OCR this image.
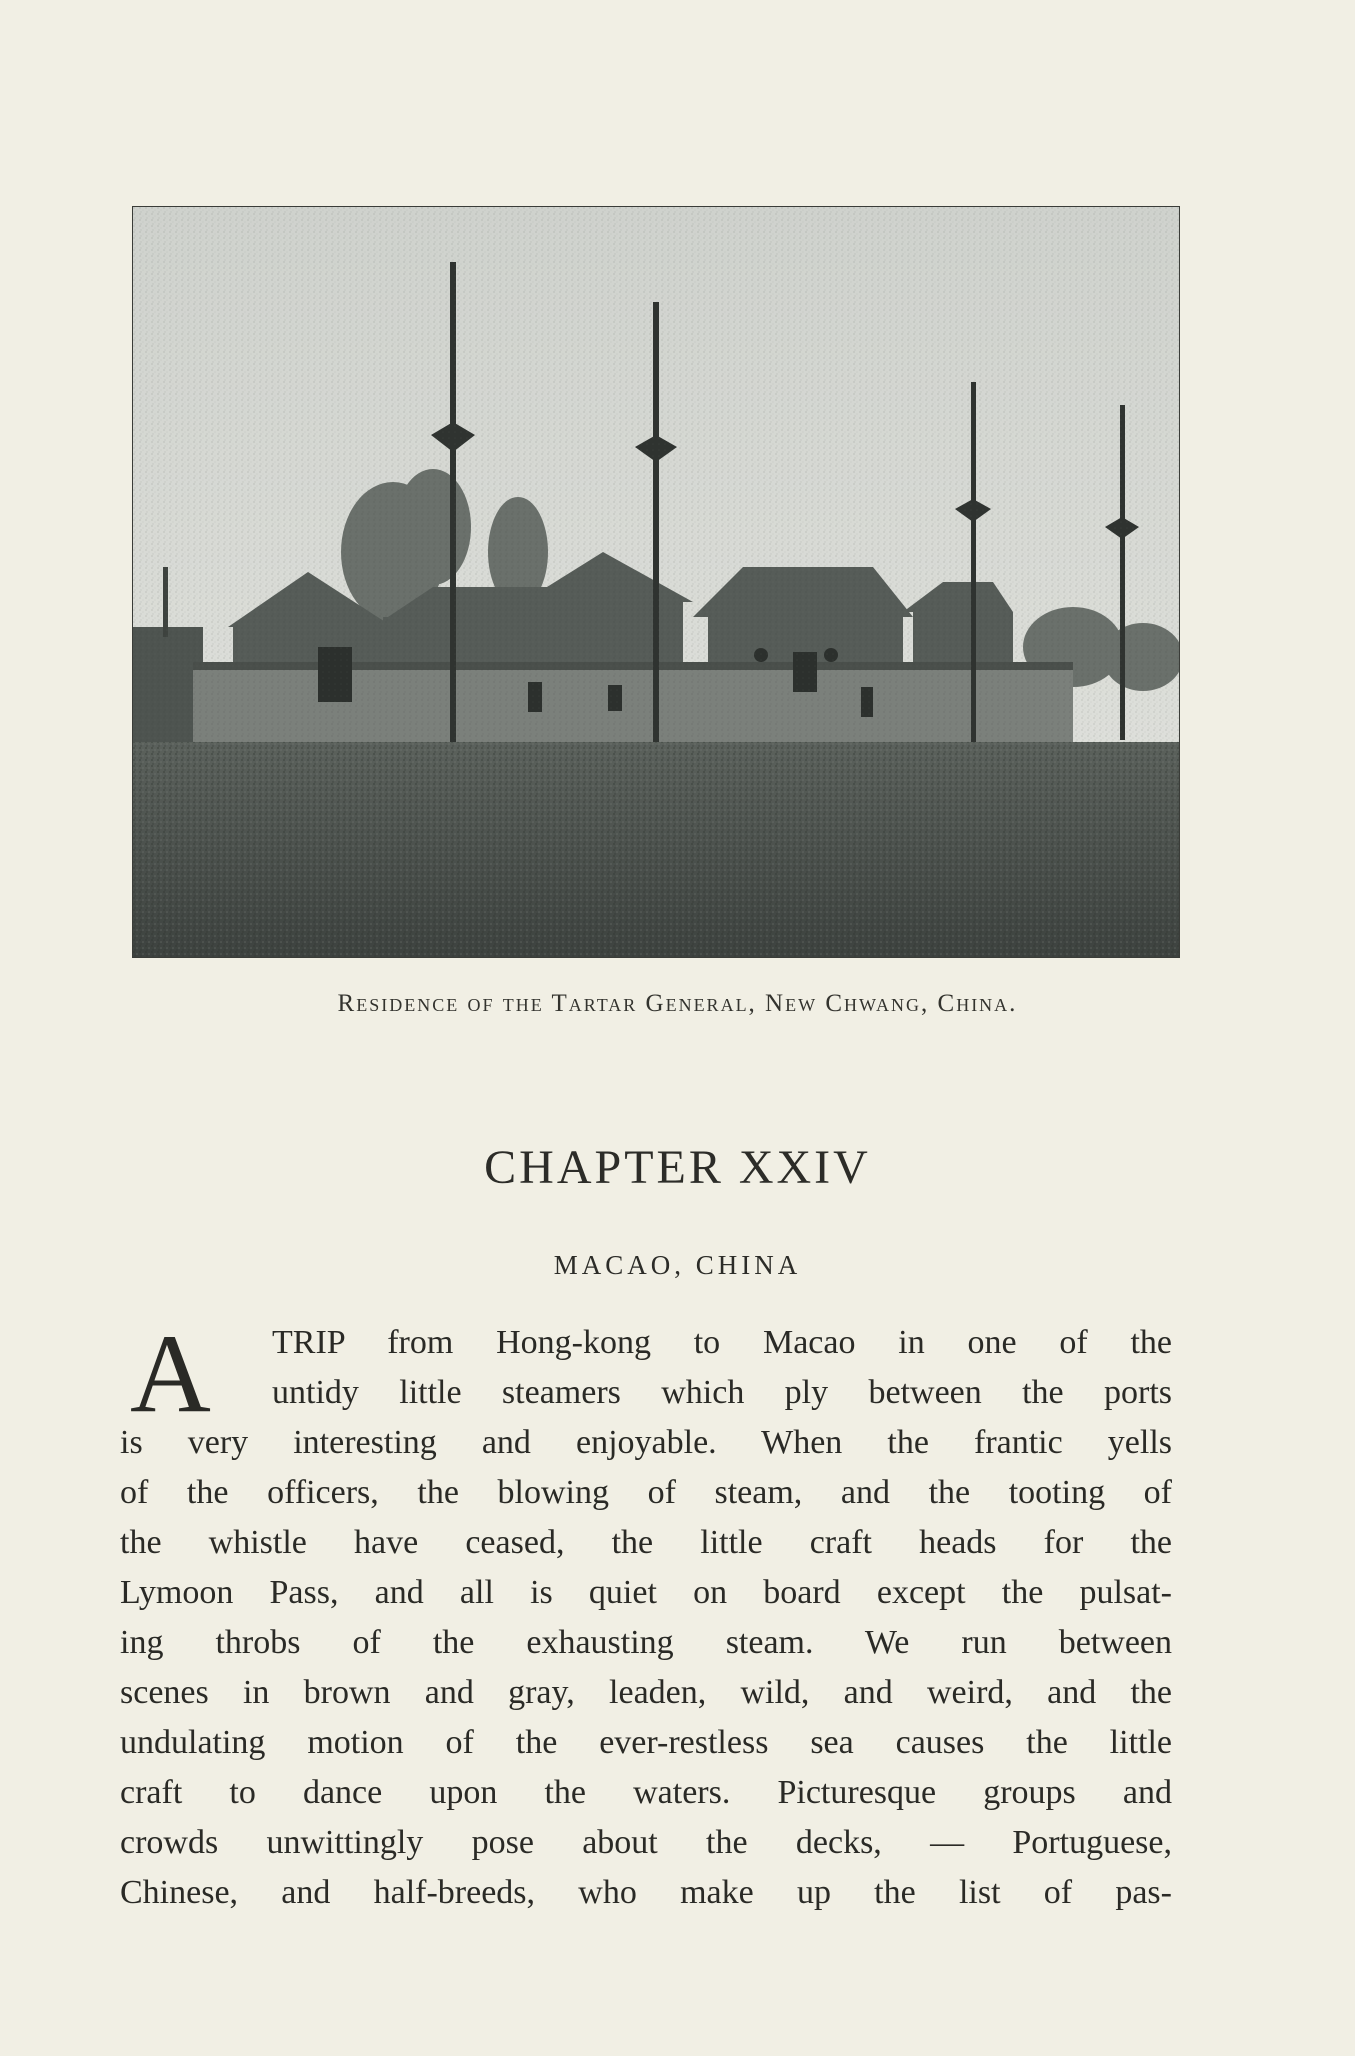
Residence of the Tartar General, New Chwang, China.
CHAPTER XXIV
MACAO, CHINA
A	TRIP from Hong-kong to Macao in one of the
untidy little steamers which ply between the ports
is very interesting and enjoyable. When the frantic yells
of the officers, the blowing of steam, and the tooting of
the whistle have ceased, the little craft heads for the
Lymoon Pass, and all is quiet on board except the pulsat-
ing throbs of the exhausting steam. We run between
scenes in brown and gray, leaden, wild, and weird, and the
undulating motion of the ever-restless sea causes the little
craft to dance upon the waters. Picturesque groups and
crowds unwittingly pose about the decks, — Portuguese,
Chinese, and half-breeds, who make up the list of pas-
